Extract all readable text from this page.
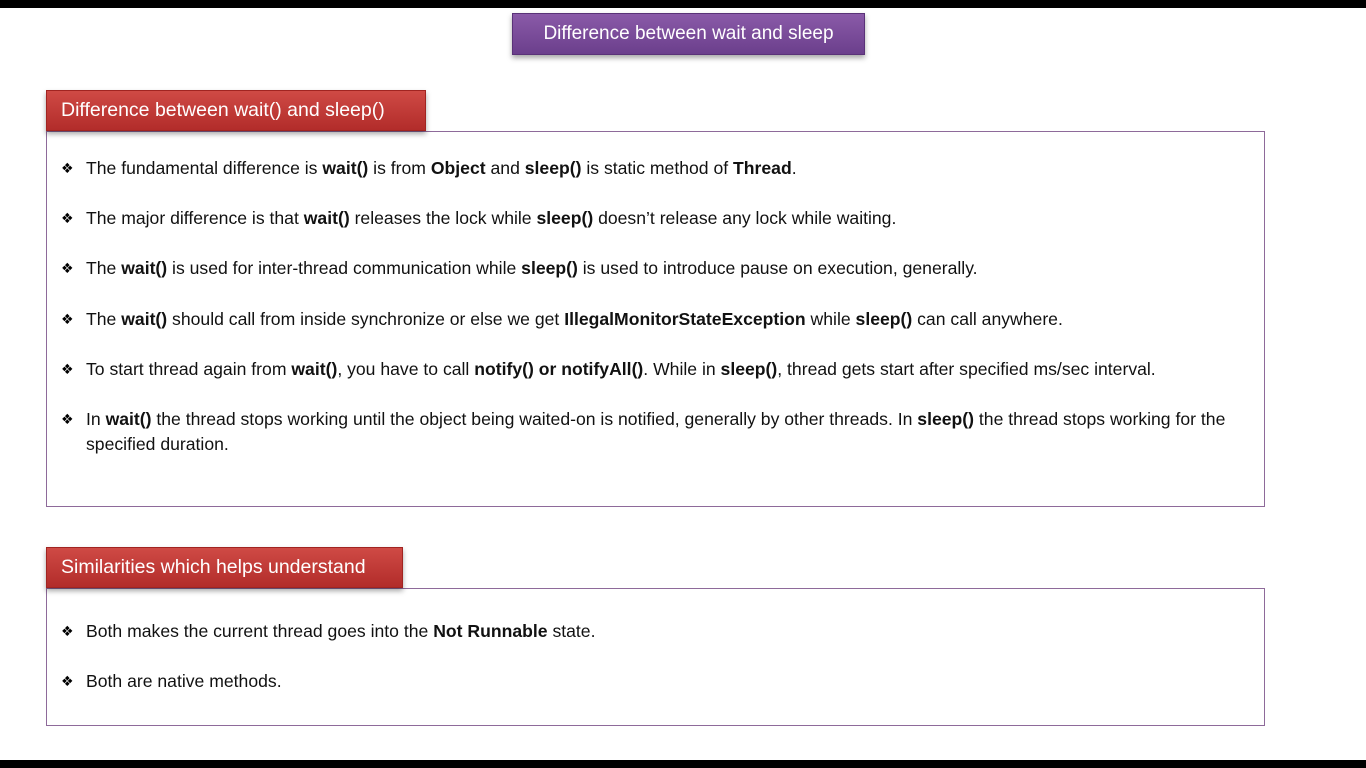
Difference between wait and sleep
Difference between wait() and sleep()
❖ The fundamental difference is wait() is from Object and sleep() is static method of Thread.
❖ The major difference is that wait() releases the lock while sleep() doesn’t release any lock while waiting.
❖ The wait() is used for inter-thread communication while sleep() is used to introduce pause on execution, generally.
❖ The wait() should call from inside synchronize or else we get IllegalMonitorStateException while sleep() can call anywhere.
❖ To start thread again from wait(), you have to call notify() or notifyAll(). While in sleep(), thread gets start after specified ms/sec interval.
❖ In wait() the thread stops working until the object being waited-on is notified, generally by other threads. In sleep() the thread stops working for the specified duration.
Similarities which helps understand
❖ Both makes the current thread goes into the Not Runnable state.
❖ Both are native methods.
